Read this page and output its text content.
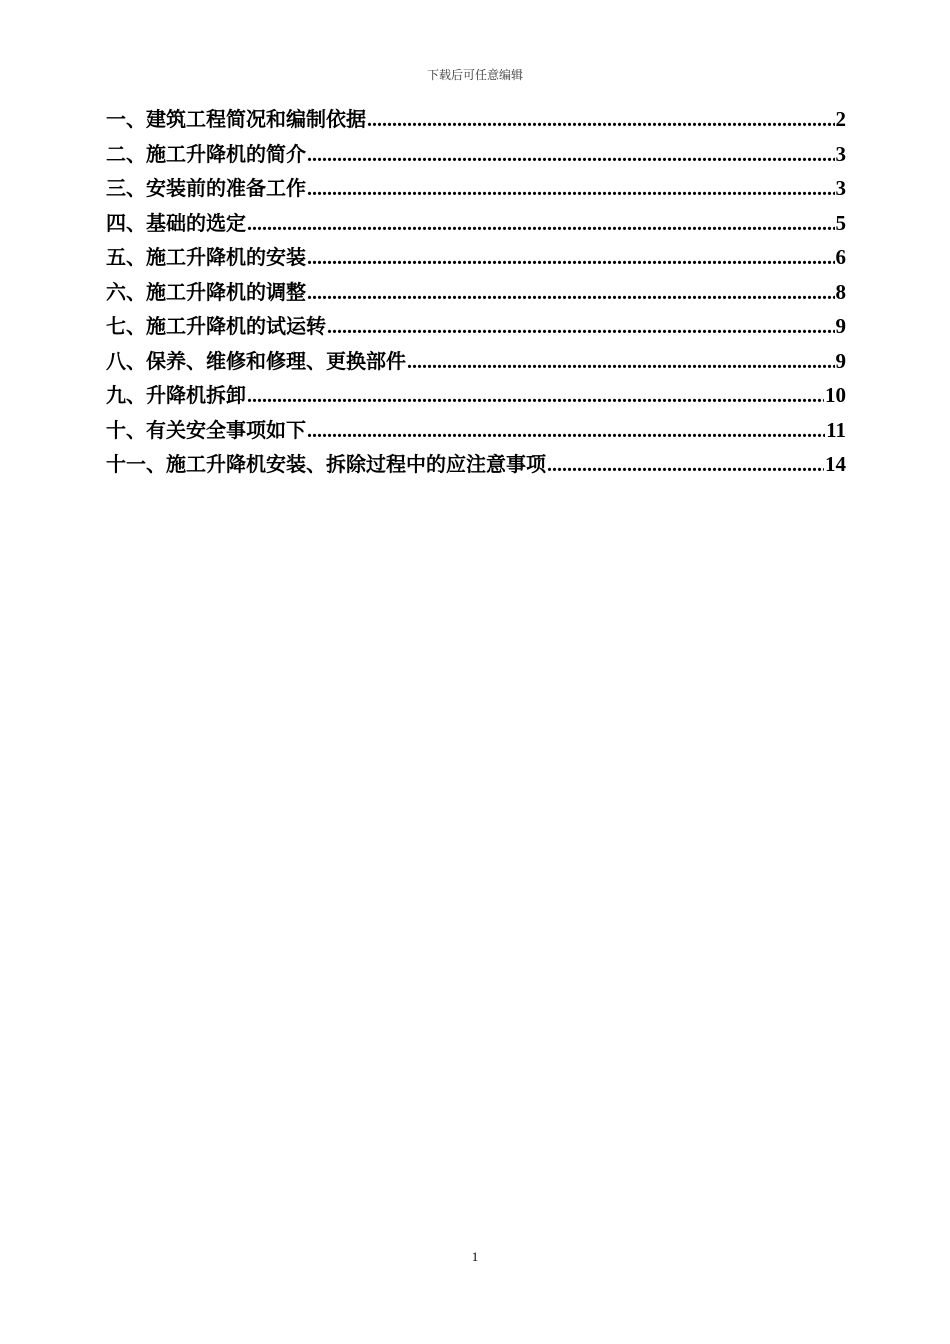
下载后可任意编辑
一、建筑工程简况和编制依据 .....	2
二、施工升降机的简介 .....	3
三、安装前的准备工作 .....	3
四、基础的选定 .....	5
五、施工升降机的安装 .....	6
六、施工升降机的调整 .....	8
七、施工升降机的试运转 .....	9
八、保养、维修和修理、更换部件 .....	9
九、升降机拆卸 .....	10
十、有关安全事项如下 .....	11
十一、施工升降机安装、拆除过程中的应注意事项 .....	14
1
